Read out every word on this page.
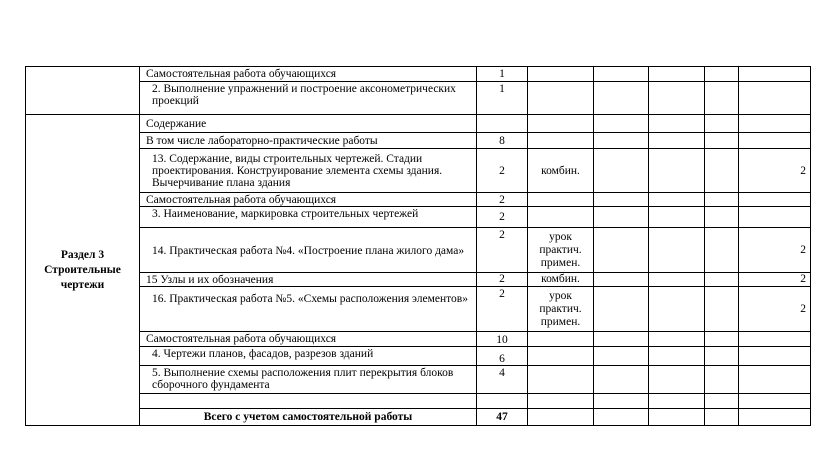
	Самостоятельная работа обучающихся	1					

	2. Выполнение упражнений и построение аксонометрических проекций	1					

Раздел 3 Строительные чертежи	Содержание	

	В том числе лабораторно-практические работы	8					
	13. Содержание, виды строительных чертежей. Стадии проектирования. Конструирование элемента схемы здания. Вычерчивание плана здания	2	комбин.				2
	Самостоятельная работа обучающихся	2					
	3. Наименование, маркировка строительных чертежей	2					
	14. Практическая работа №4. «Построение плана жилого дама»	2	урок практич. примен.				2
	15 Узлы и их обозначения	2	комбин.				2
	16. Практическая работа №5. «Схемы расположения элементов»	2	урок практич. примен.				2
	Самостоятельная работа обучающихся	10					
	4. Чертежи планов, фасадов, разрезов зданий	6					
	5. Выполнение схемы расположения плит перекрытия блоков сборочного фундамента	4					

	Всего с учетом самостоятельной работы	47					
